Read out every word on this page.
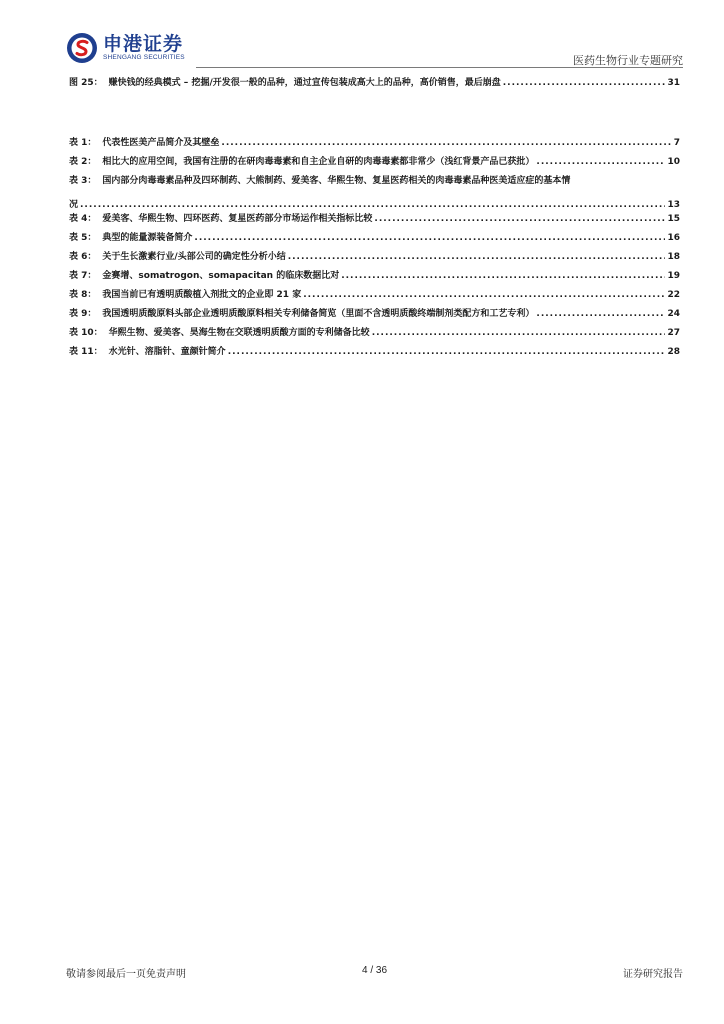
申港证券
SHENGANG SECURITIES	医药生物行业专题研究
图 25： 赚快钱的经典模式 – 挖掘/开发很一般的品种，通过宣传包装成高大上的品种，高价销售，最后崩盘 .....	31
表 1： 代表性医美产品简介及其壁垒 .....	7
表 2： 相比大的应用空间，我国有注册的在研肉毒毒素和自主企业自研的肉毒毒素都非常少（浅红背景产品已获批） .....	10
表 3： 国内部分肉毒毒素品种及四环制药、大熊制药、爱美客、华熙生物、复星医药相关的肉毒毒素品种医美适应症的基本情
况 .....	13
表 4： 爱美客、华熙生物、四环医药、复星医药部分市场运作相关指标比较 .....	15
表 5： 典型的能量源装备简介 .....	16
表 6： 关于生长激素行业/头部公司的确定性分析小结 .....	18
表 7： 金赛增、somatrogon、somapacitan 的临床数据比对 .....	19
表 8： 我国当前已有透明质酸植入剂批文的企业即 21 家 .....	22
表 9： 我国透明质酸原料头部企业透明质酸原料相关专利储备简览（里面不含透明质酸终端制剂类配方和工艺专利） .....	24
表 10： 华熙生物、爱美客、昊海生物在交联透明质酸方面的专利储备比较 .....	27
表 11： 水光针、溶脂针、童颜针简介 .....	28
敬请参阅最后一页免责声明	4 / 36	证券研究报告
